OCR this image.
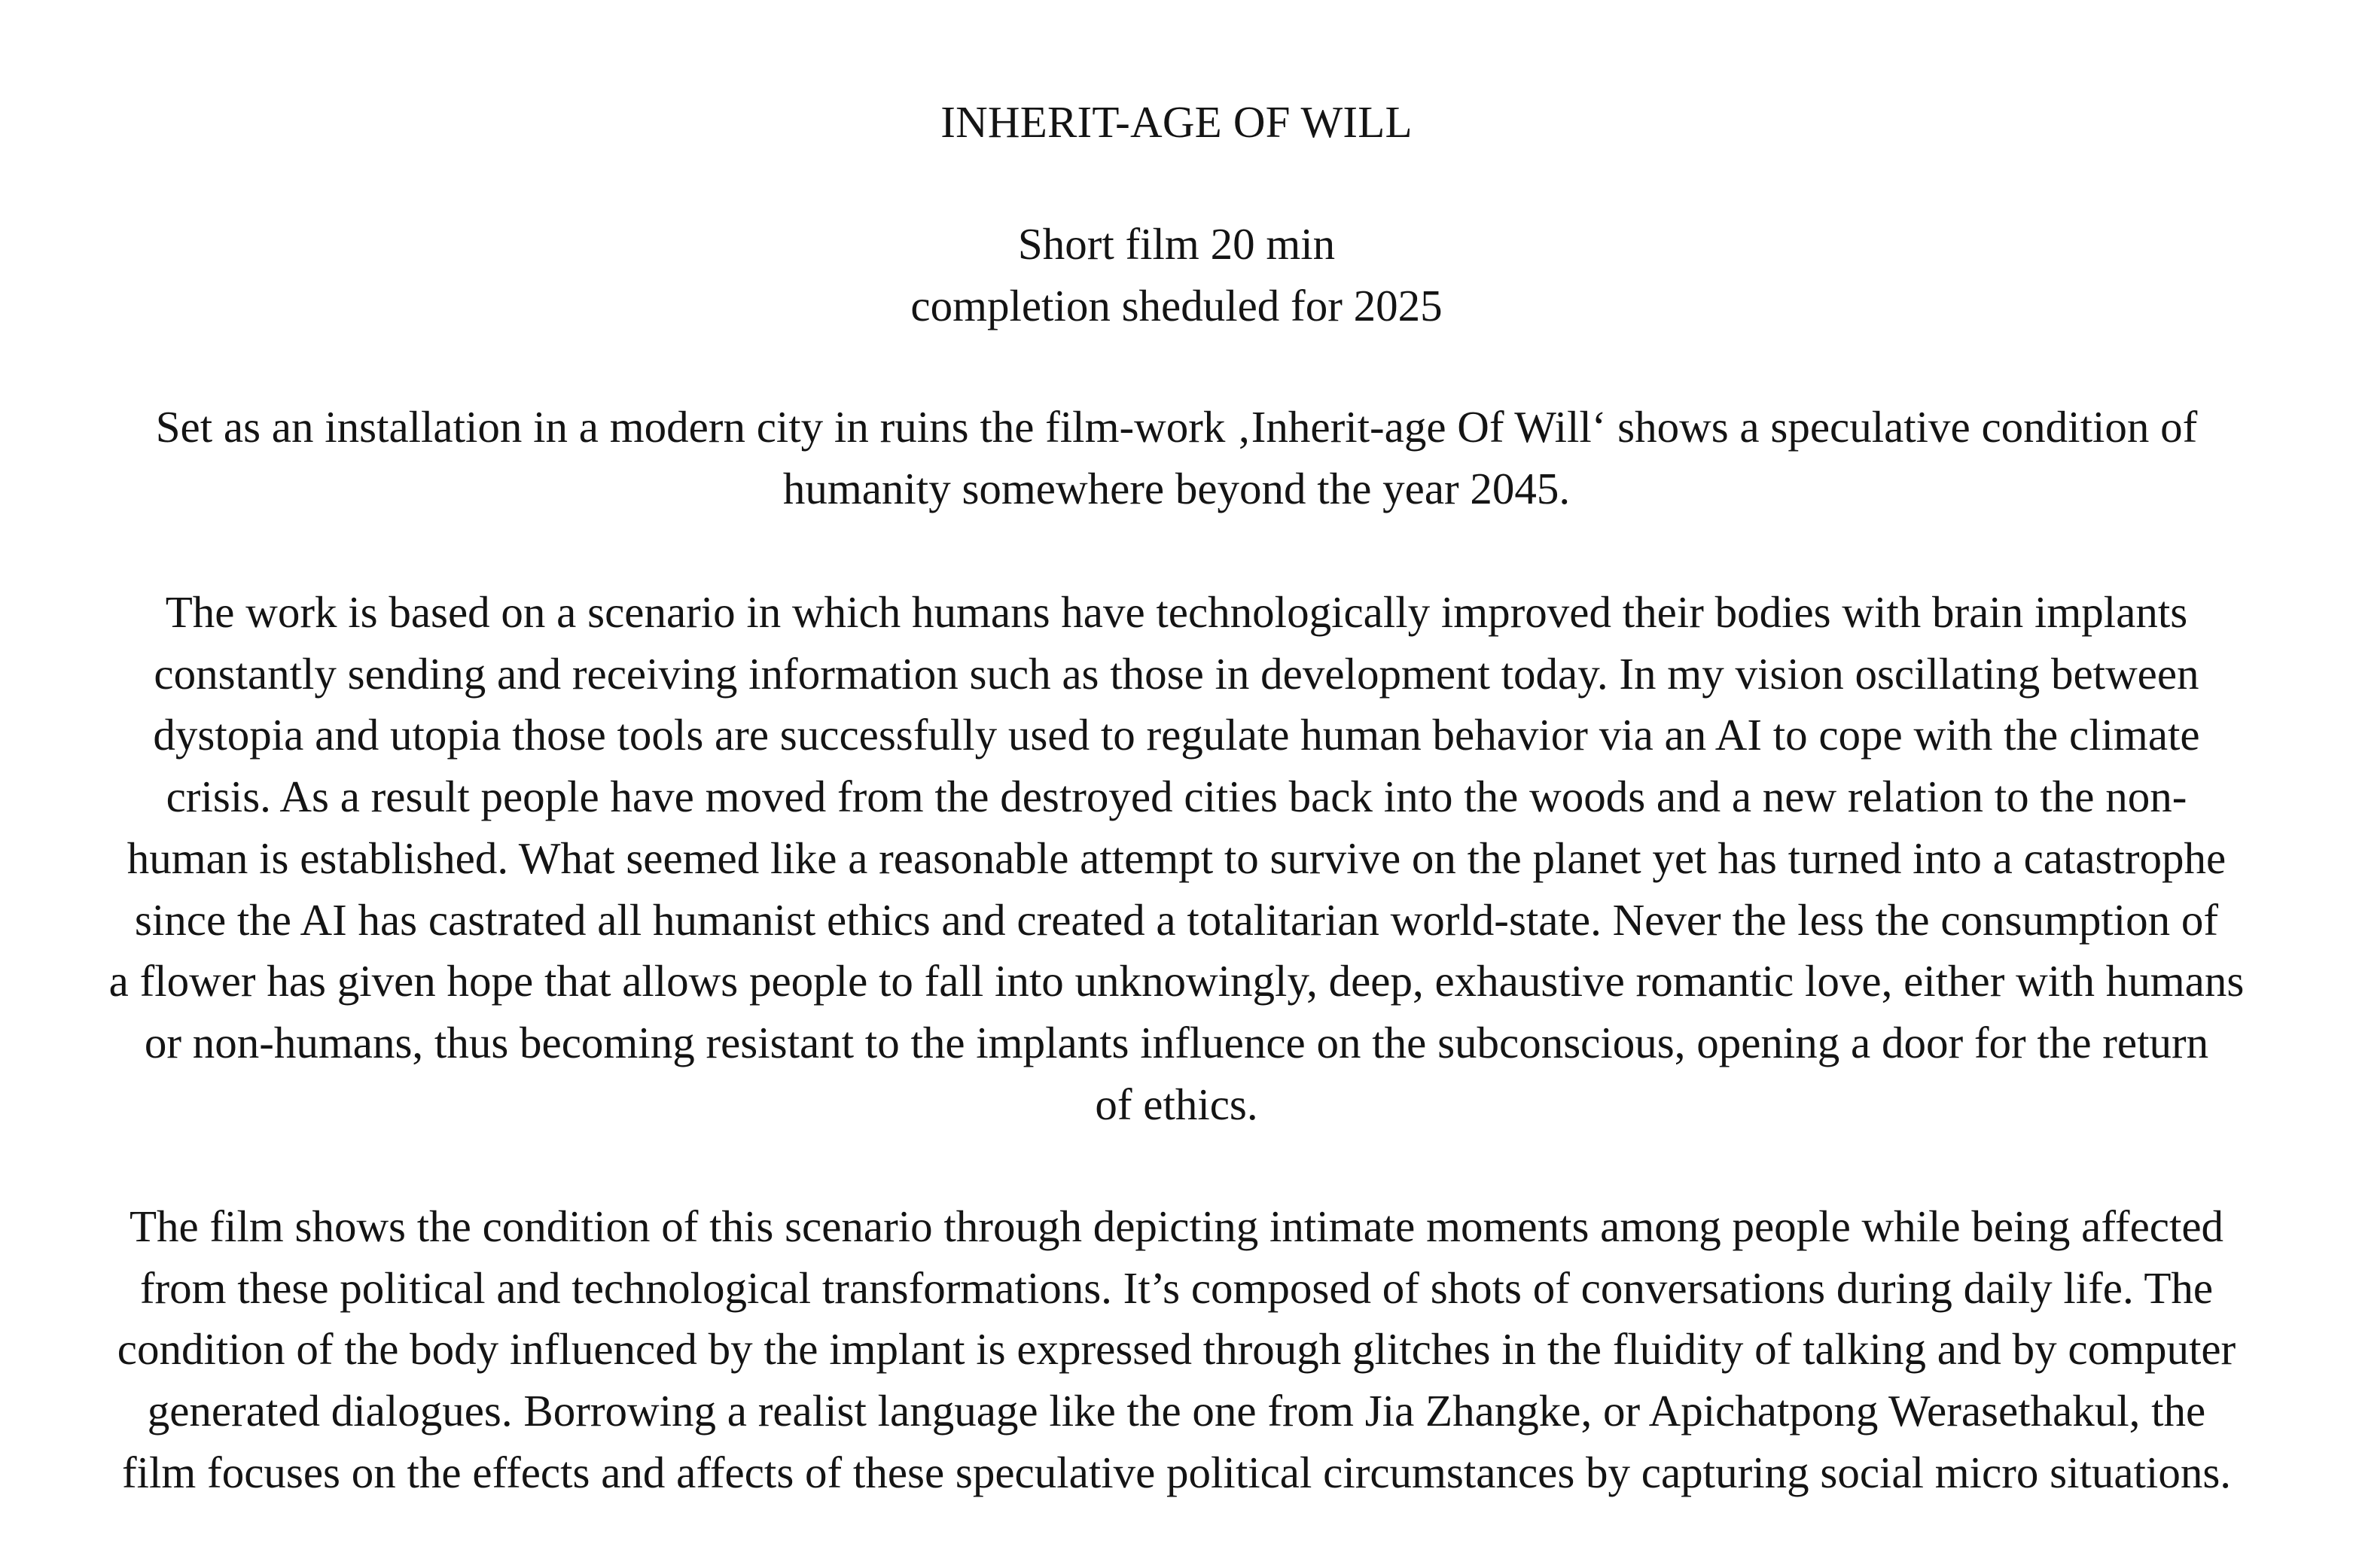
INHERIT-AGE OF WILL
Short film 20 min
completion sheduled for 2025

Set as an installation in a modern city in ruins the film-work ‚Inherit-age Of Will‘ shows a speculative condition of
humanity somewhere beyond the year 2045.

The work is based on a scenario in which humans have technologically improved their bodies with brain implants
constantly sending and receiving information such as those in development today. In my vision oscillating between
dystopia and utopia those tools are successfully used to regulate human behavior via an AI to cope with the climate
crisis. As a result people have moved from the destroyed cities back into the woods and a new relation to the non-
human is established. What seemed like a reasonable attempt to survive on the planet yet has turned into a catastrophe
since the AI has castrated all humanist ethics and created a totalitarian world-state. Never the less the consumption of
a flower has given hope that allows people to fall into unknowingly, deep, exhaustive romantic love, either with humans
or non-humans, thus becoming resistant to the implants influence on the subconscious, opening a door for the return
of ethics.

The film shows the condition of this scenario through depicting intimate moments among people while being affected
from these political and technological transformations. It’s composed of shots of conversations during daily life. The
condition of the body influenced by the implant is expressed through glitches in the fluidity of talking and by computer
generated dialogues. Borrowing a realist language like the one from Jia Zhangke, or Apichatpong Werasethakul, the
film focuses on the effects and affects of these speculative political circumstances by capturing social micro situations.
